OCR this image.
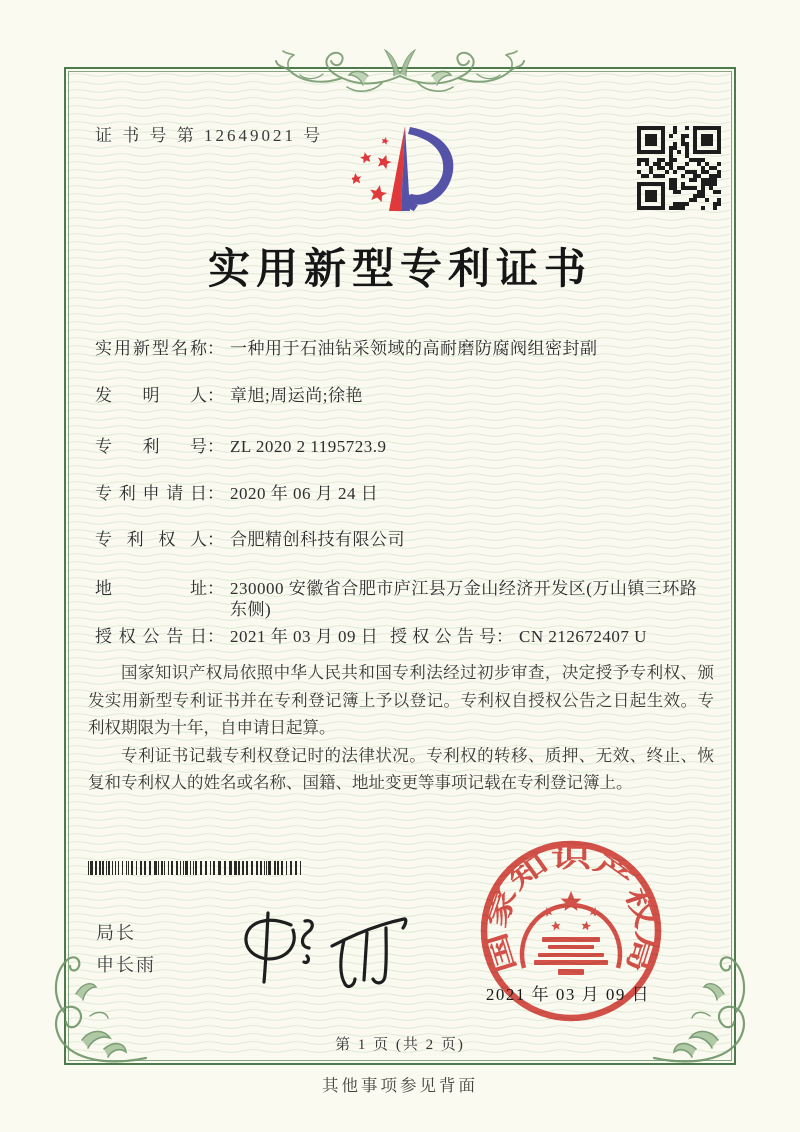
证 书 号 第 12649021 号
实用新型专利证书
实用新型名称： 一种用于石油钻采领域的高耐磨防腐阀组密封副
发明人： 章旭;周运尚;徐艳
专利号： ZL 2020 2 1195723.9
专利申请日： 2020 年 06 月 24 日
专利权人： 合肥精创科技有限公司
地址： 230000 安徽省合肥市庐江县万金山经济开发区(万山镇三环路东侧)
授权公告日： 2021 年 03 月 09 日 授权公告号： CN 212672407 U

国家知识产权局依照中华人民共和国专利法经过初步审查，决定授予专利权、颁发实用新型专利证书并在专利登记簿上予以登记。专利权自授权公告之日起生效。专利权期限为十年，自申请日起算。

专利证书记载专利权登记时的法律状况。专利权的转移、质押、无效、终止、恢复和专利权人的姓名或名称、国籍、地址变更等事项记载在专利登记簿上。

局长
申长雨	国家知识产权局
2021 年 03 月 09 日
第 1 页 (共 2 页)
其他事项参见背面
